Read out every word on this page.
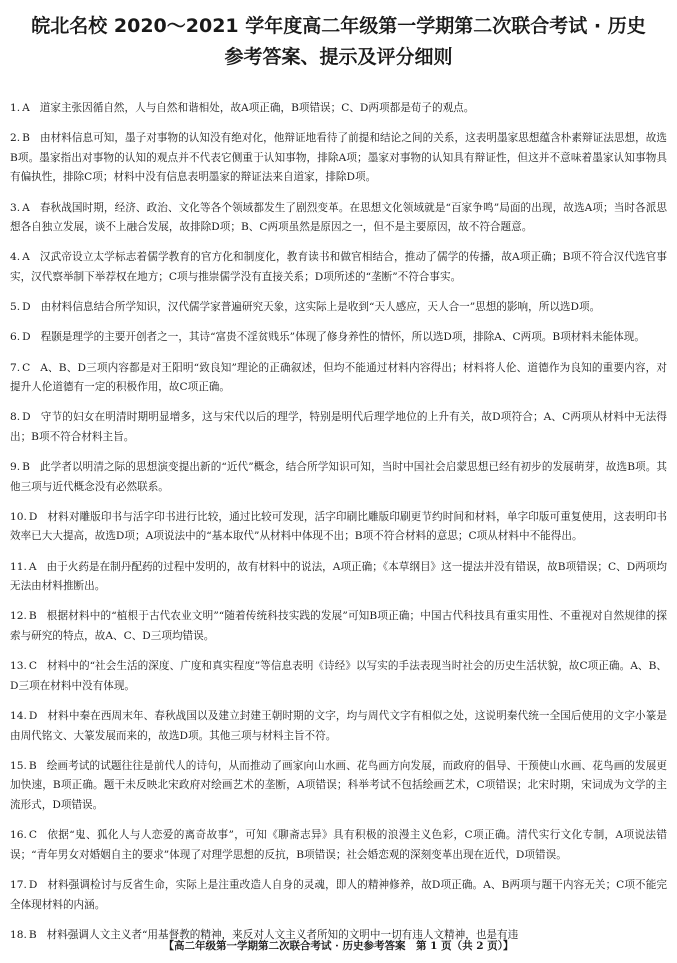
皖北名校 2020～2021 学年度高二年级第一学期第二次联合考试 · 历史
参考答案、提示及评分细则

1. A 道家主张因循自然，人与自然和谐相处，故A项正确，B项错误；C、D两项都是荀子的观点。

2. B 由材料信息可知，墨子对事物的认知没有绝对化，他辩证地看待了前提和结论之间的关系，这表明墨家思想蕴含朴素辩证法思想，故选B项。墨家指出对事物的认知的观点并不代表它侧重于认知事物，排除A项；墨家对事物的认知具有辩证性，但这并不意味着墨家认知事物具有偏执性，排除C项；材料中没有信息表明墨家的辩证法来自道家，排除D项。

3. A 春秋战国时期，经济、政治、文化等各个领域都发生了剧烈变革。在思想文化领域就是“百家争鸣”局面的出现，故选A项；当时各派思想各自独立发展，谈不上融合发展，故排除D项；B、C两项虽然是原因之一，但不是主要原因，故不符合题意。

4. A 汉武帝设立太学标志着儒学教育的官方化和制度化，教育读书和做官相结合，推动了儒学的传播，故A项正确；B项不符合汉代选官事实，汉代察举制下举荐权在地方；C项与推崇儒学没有直接关系；D项所述的“垄断”不符合事实。

5. D 由材料信息结合所学知识，汉代儒学家普遍研究天象，这实际上是收到“天人感应，天人合一”思想的影响，所以选D项。

6. D 程颢是理学的主要开创者之一，其诗“富贵不淫贫贱乐”体现了修身养性的情怀，所以选D项，排除A、C两项。B项材料未能体现。

7. C A、B、D三项内容都是对王阳明“致良知”理论的正确叙述，但均不能通过材料内容得出；材料将人伦、道德作为良知的重要内容，对提升人伦道德有一定的积极作用，故C项正确。

8. D 守节的妇女在明清时期明显增多，这与宋代以后的理学，特别是明代后理学地位的上升有关，故D项符合；A、C两项从材料中无法得出；B项不符合材料主旨。

9. B 此学者以明清之际的思想演变提出新的“近代”概念，结合所学知识可知，当时中国社会启蒙思想已经有初步的发展萌芽，故选B项。其他三项与近代概念没有必然联系。

10. D 材料对雕版印书与活字印书进行比较，通过比较可发现，活字印刷比雕版印刷更节约时间和材料，单字印版可重复使用，这表明印书效率已大大提高，故选D项；A项说法中的“基本取代”从材料中体现不出；B项不符合材料的意思；C项从材料中不能得出。

11. A 由于火药是在制丹配药的过程中发明的，故有材料中的说法，A项正确；《本草纲目》这一提法并没有错误，故B项错误；C、D两项均无法由材料推断出。

12. B 根据材料中的“植根于古代农业文明”“随着传统科技实践的发展”可知B项正确；中国古代科技具有重实用性、不重视对自然规律的探索与研究的特点，故A、C、D三项均错误。

13. C 材料中的“社会生活的深度、广度和真实程度”等信息表明《诗经》以写实的手法表现当时社会的历史生活状貌，故C项正确。A、B、D三项在材料中没有体现。

14. D 材料中秦在西周末年、春秋战国以及建立封建王朝时期的文字，均与周代文字有相似之处，这说明秦代统一全国后使用的文字小篆是由周代铭文、大篆发展而来的，故选D项。其他三项与材料主旨不符。

15. B 绘画考试的试题往往是前代人的诗句，从而推动了画家向山水画、花鸟画方向发展，而政府的倡导、干预使山水画、花鸟画的发展更加快速，B项正确。题干未反映北宋政府对绘画艺术的垄断，A项错误；科举考试不包括绘画艺术，C项错误；北宋时期，宋词成为文学的主流形式，D项错误。

16. C 依据“鬼、狐化人与人恋爱的离奇故事”，可知《聊斋志异》具有积极的浪漫主义色彩，C项正确。清代实行文化专制，A项说法错误；“青年男女对婚姻自主的要求”体现了对理学思想的反抗，B项错误；社会婚恋观的深刻变革出现在近代，D项错误。

17. D 材料强调检讨与反省生命，实际上是注重改造人自身的灵魂，即人的精神修养，故D项正确。A、B两项与题干内容无关；C项不能完全体现材料的内涵。

18. B 材料强调人文主义者“用基督教的精神，来反对人文主义者所知的文明中一切有违人文精神，也是有违

【高二年级第一学期第二次联合考试 · 历史参考答案　第 1 页（共 2 页）】
